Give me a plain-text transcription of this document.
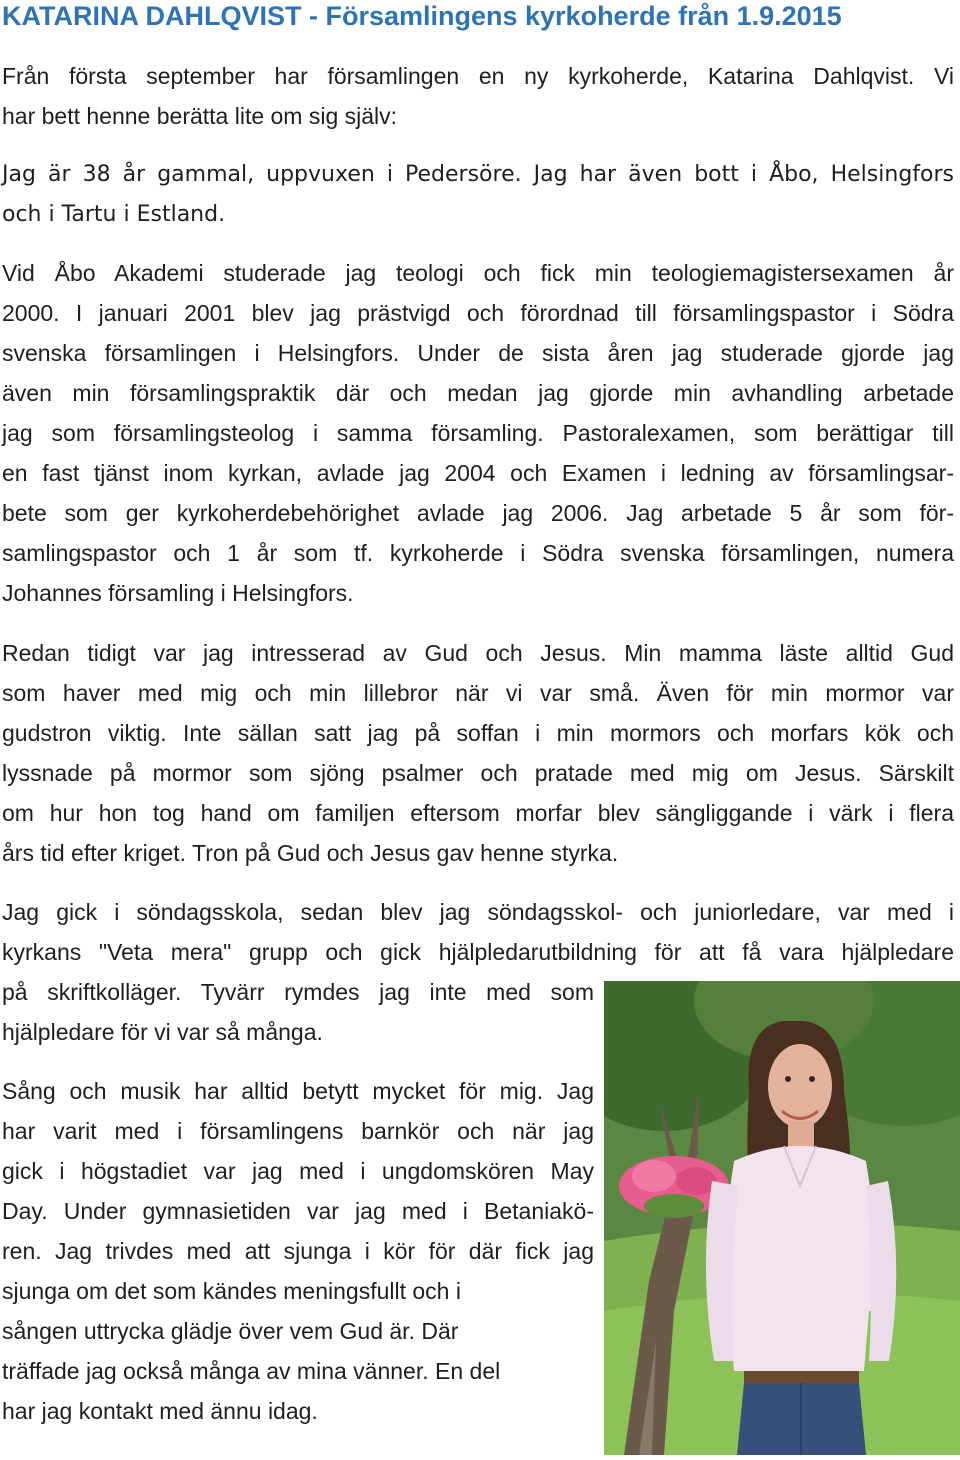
KATARINA DAHLQVIST - Församlingens kyrkoherde från 1.9.2015

Från första september har församlingen en ny kyrkoherde, Katarina Dahlqvist. Vi
har bett henne berätta lite om sig själv:

Jag är 38 år gammal, uppvuxen i Pedersöre. Jag har även bott i Åbo, Helsingfors
och i Tartu i Estland.

Vid Åbo Akademi studerade jag teologi och fick min teologiemagistersexamen år
2000. I januari 2001 blev jag prästvigd och förordnad till församlingspastor i Södra
svenska församlingen i Helsingfors. Under de sista åren jag studerade gjorde jag
även min församlingspraktik där och medan jag gjorde min avhandling arbetade
jag som församlingsteolog i samma församling. Pastoralexamen, som berättigar till
en fast tjänst inom kyrkan, avlade jag 2004 och Examen i ledning av församlingsar-
bete som ger kyrkoherdebehörighet avlade jag 2006. Jag arbetade 5 år som för-
samlingspastor och 1 år som tf. kyrkoherde i Södra svenska församlingen, numera
Johannes församling i Helsingfors.

Redan tidigt var jag intresserad av Gud och Jesus. Min mamma läste alltid Gud
som haver med mig och min lillebror när vi var små. Även för min mormor var
gudstron viktig. Inte sällan satt jag på soffan i min mormors och morfars kök och
lyssnade på mormor som sjöng psalmer och pratade med mig om Jesus. Särskilt
om hur hon tog hand om familjen eftersom morfar blev sängliggande i värk i flera
års tid efter kriget. Tron på Gud och Jesus gav henne styrka.

Jag gick i söndagsskola, sedan blev jag söndagsskol- och juniorledare, var med i
kyrkans "Veta mera" grupp och gick hjälpledarutbildning för att få vara hjälpledare
på skriftkolläger. Tyvärr rymdes jag inte med som
hjälpledare för vi var så många.

Sång och musik har alltid betytt mycket för mig. Jag
har varit med i församlingens barnkör och när jag
gick i högstadiet var jag med i ungdomskören May
Day. Under gymnasietiden var jag med i Betaniakö-
ren. Jag trivdes med att sjunga i kör för där fick jag
sjunga om det som kändes meningsfullt och i
sången uttrycka glädje över vem Gud är. Där
träffade jag också många av mina vänner. En del
har jag kontakt med ännu idag.
